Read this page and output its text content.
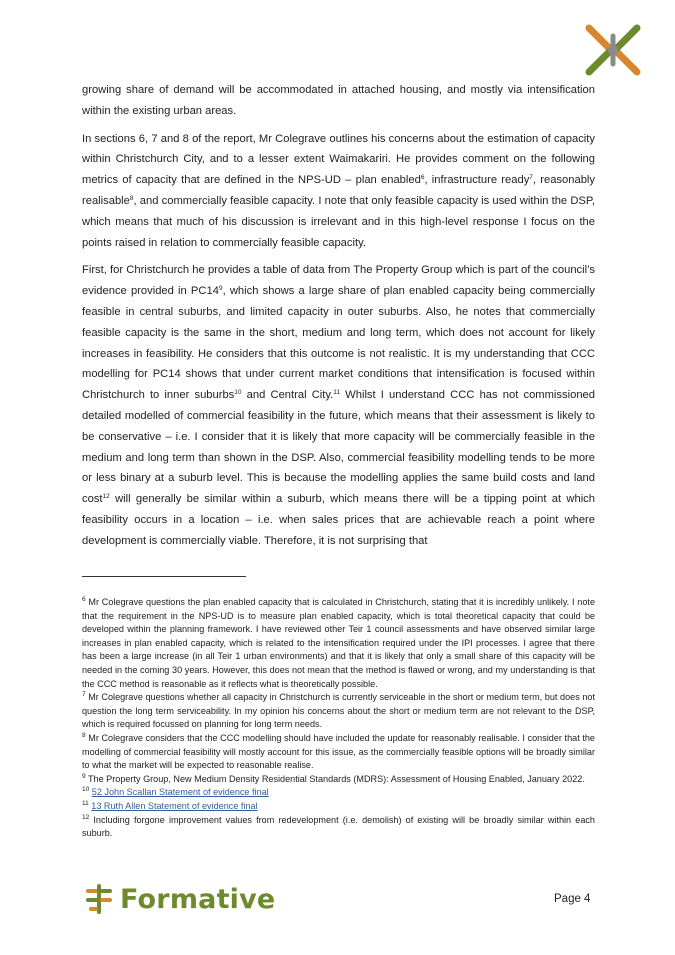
growing share of demand will be accommodated in attached housing, and mostly via intensification within the existing urban areas.

In sections 6, 7 and 8 of the report, Mr Colegrave outlines his concerns about the estimation of capacity within Christchurch City, and to a lesser extent Waimakariri. He provides comment on the following metrics of capacity that are defined in the NPS-UD – plan enabled$^6$, infrastructure ready$^7$, reasonably realisable$^8$, and commercially feasible capacity. I note that only feasible capacity is used within the DSP, which means that much of his discussion is irrelevant and in this high-level response I focus on the points raised in relation to commercially feasible capacity.

First, for Christchurch he provides a table of data from The Property Group which is part of the council’s evidence provided in $PC14^9$, which shows a large share of plan enabled capacity being commercially feasible in central suburbs, and limited capacity in outer suburbs. Also, he notes that commercially feasible capacity is the same in the short, medium and long term, which does not account for likely increases in feasibility. He considers that this outcome is not realistic. It is my understanding that CCC modelling for PC14 shows that under current market conditions that intensification is focused within Christchurch to inner suburbs$^{10}$ and Central City.$^{11}$ Whilst I understand CCC has not commissioned detailed modelled of commercial feasibility in the future, which means that their assessment is likely to be conservative – i.e. I consider that it is likely that more capacity will be commercially feasible in the medium and long term than shown in the DSP. Also, commercial feasibility modelling tends to be more or less binary at a suburb level. This is because the modelling applies the same build costs and land cost$^{12}$ will generally be similar within a suburb, which means there will be a tipping point at which feasibility occurs in a location – i.e. when sales prices that are achievable reach a point where development is commercially viable. Therefore, it is not surprising that

$^6$ Mr Colegrave questions the plan enabled capacity that is calculated in Christchurch, stating that it is incredibly unlikely. I note that the requirement in the NPS-UD is to measure plan enabled capacity, which is total theoretical capacity that could be developed within the planning framework. I have reviewed other Teir 1 council assessments and have observed similar large increases in plan enabled capacity, which is related to the intensification required under the IPI processes. I agree that there has been a large increase (in all Teir 1 urban environments) and that it is likely that only a small share of this capacity will be needed in the coming 30 years. However, this does not mean that the method is flawed or wrong, and my understanding is that the CCC method is reasonable as it reflects what is theoretically possible.
$^7$ Mr Colegrave questions whether all capacity in Christchurch is currently serviceable in the short or medium term, but does not question the long term serviceability. In my opinion his concerns about the short or medium term are not relevant to the DSP, which is required focussed on planning for long term needs.
$^8$ Mr Colegrave considers that the CCC modelling should have included the update for reasonably realisable. I consider that the modelling of commercial feasibility will mostly account for this issue, as the commercially feasible options will be broadly similar to what the market will be expected to reasonable realise.
$^9$ The Property Group, New Medium Density Residential Standards (MDRS): Assessment of Housing Enabled, January 2022.
$^{10}$ 52 John Scallan Statement of evidence final
$^{11}$ 13 Ruth Allen Statement of evidence final
$^{12}$ Including forgone improvement values from redevelopment (i.e. demolish) of existing will be broadly similar within each suburb.
Formative	Page 4
